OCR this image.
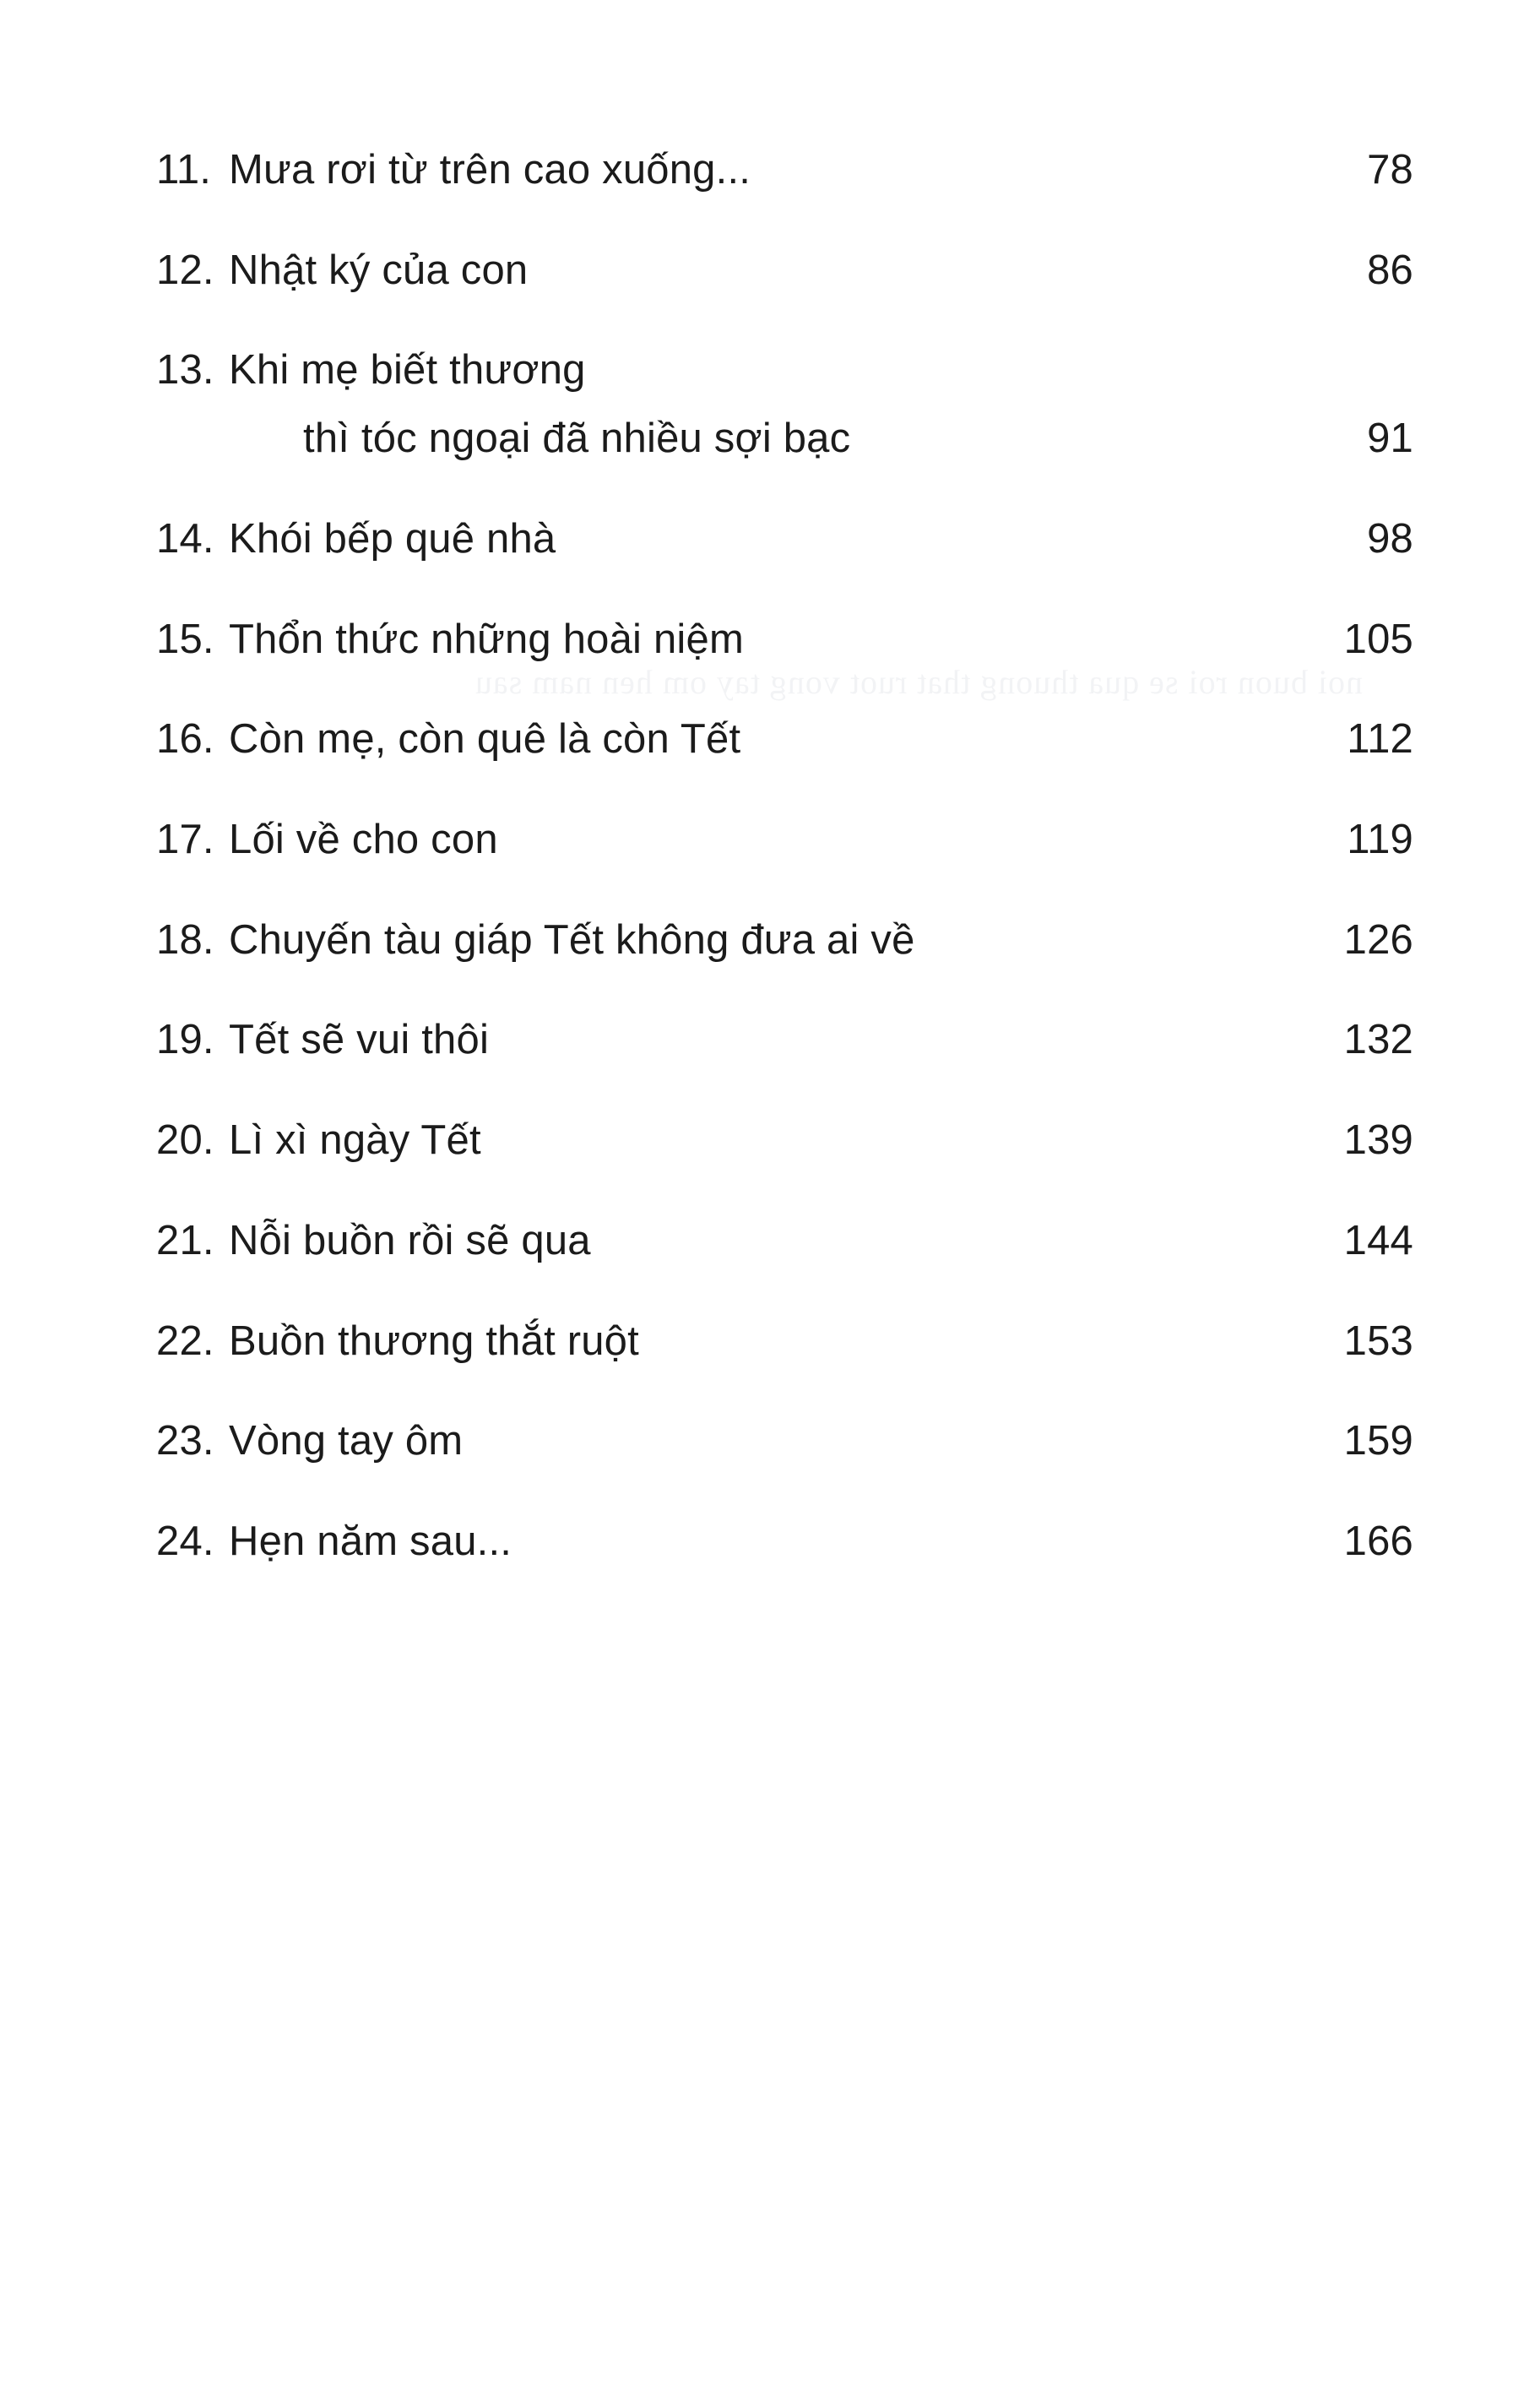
noi buon roi se qua thuong that ruot vong tay om hen nam sau
11. Mưa rơi từ trên cao xuống...	78
12. Nhật ký của con	86
13. Khi mẹ biết thương
thì tóc ngoại đã nhiều sợi bạc	91
14. Khói bếp quê nhà	98
15. Thổn thức những hoài niệm	105
16. Còn mẹ, còn quê là còn Tết	112
17. Lối về cho con	119
18. Chuyến tàu giáp Tết không đưa ai về	126
19. Tết sẽ vui thôi	132
20. Lì xì ngày Tết	139
21. Nỗi buồn rồi sẽ qua	144
22. Buồn thương thắt ruột	153
23. Vòng tay ôm	159
24. Hẹn năm sau...	166
